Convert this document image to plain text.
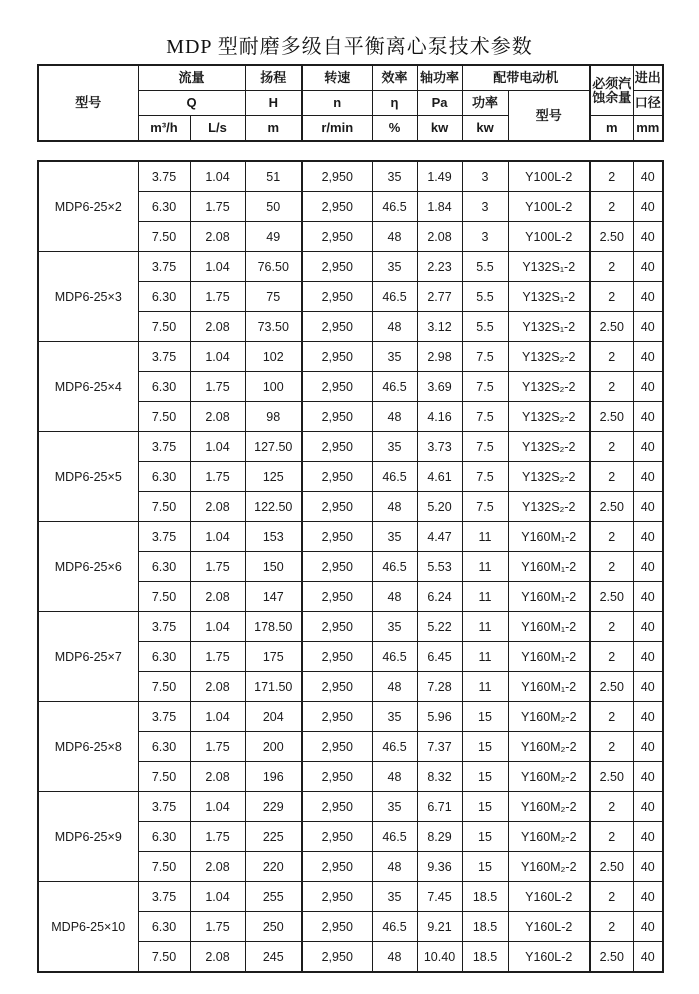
MDP 型耐磨多级自平衡离心泵技术参数
型号	流量		扬程	转速	效率	轴功率	配带电动机		必须汽蚀余量	进出
	Q		H	n	η	Pa	功率	型号		口径
	m³/h	L/s	m	r/min	%	kw	kw		m	mm
MDP6-25×2	3.75	1.04	51	2,950	35	1.49	3	Y100L-2	2	40
	6.30	1.75	50	2,950	46.5	1.84	3	Y100L-2	2	40
	7.50	2.08	49	2,950	48	2.08	3	Y100L-2	2.50	40
MDP6-25×3	3.75	1.04	76.50	2,950	35	2.23	5.5	Y132S₁-2	2	40
	6.30	1.75	75	2,950	46.5	2.77	5.5	Y132S₁-2	2	40
	7.50	2.08	73.50	2,950	48	3.12	5.5	Y132S₁-2	2.50	40
MDP6-25×4	3.75	1.04	102	2,950	35	2.98	7.5	Y132S₂-2	2	40
	6.30	1.75	100	2,950	46.5	3.69	7.5	Y132S₂-2	2	40
	7.50	2.08	98	2,950	48	4.16	7.5	Y132S₂-2	2.50	40
MDP6-25×5	3.75	1.04	127.50	2,950	35	3.73	7.5	Y132S₂-2	2	40
	6.30	1.75	125	2,950	46.5	4.61	7.5	Y132S₂-2	2	40
	7.50	2.08	122.50	2,950	48	5.20	7.5	Y132S₂-2	2.50	40
MDP6-25×6	3.75	1.04	153	2,950	35	4.47	11	Y160M₁-2	2	40
	6.30	1.75	150	2,950	46.5	5.53	11	Y160M₁-2	2	40
	7.50	2.08	147	2,950	48	6.24	11	Y160M₁-2	2.50	40
MDP6-25×7	3.75	1.04	178.50	2,950	35	5.22	11	Y160M₁-2	2	40
	6.30	1.75	175	2,950	46.5	6.45	11	Y160M₁-2	2	40
	7.50	2.08	171.50	2,950	48	7.28	11	Y160M₁-2	2.50	40
MDP6-25×8	3.75	1.04	204	2,950	35	5.96	15	Y160M₂-2	2	40
	6.30	1.75	200	2,950	46.5	7.37	15	Y160M₂-2	2	40
	7.50	2.08	196	2,950	48	8.32	15	Y160M₂-2	2.50	40
MDP6-25×9	3.75	1.04	229	2,950	35	6.71	15	Y160M₂-2	2	40
	6.30	1.75	225	2,950	46.5	8.29	15	Y160M₂-2	2	40
	7.50	2.08	220	2,950	48	9.36	15	Y160M₂-2	2.50	40
MDP6-25×10	3.75	1.04	255	2,950	35	7.45	18.5	Y160L-2	2	40
	6.30	1.75	250	2,950	46.5	9.21	18.5	Y160L-2	2	40
	7.50	2.08	245	2,950	48	10.40	18.5	Y160L-2	2.50	40
